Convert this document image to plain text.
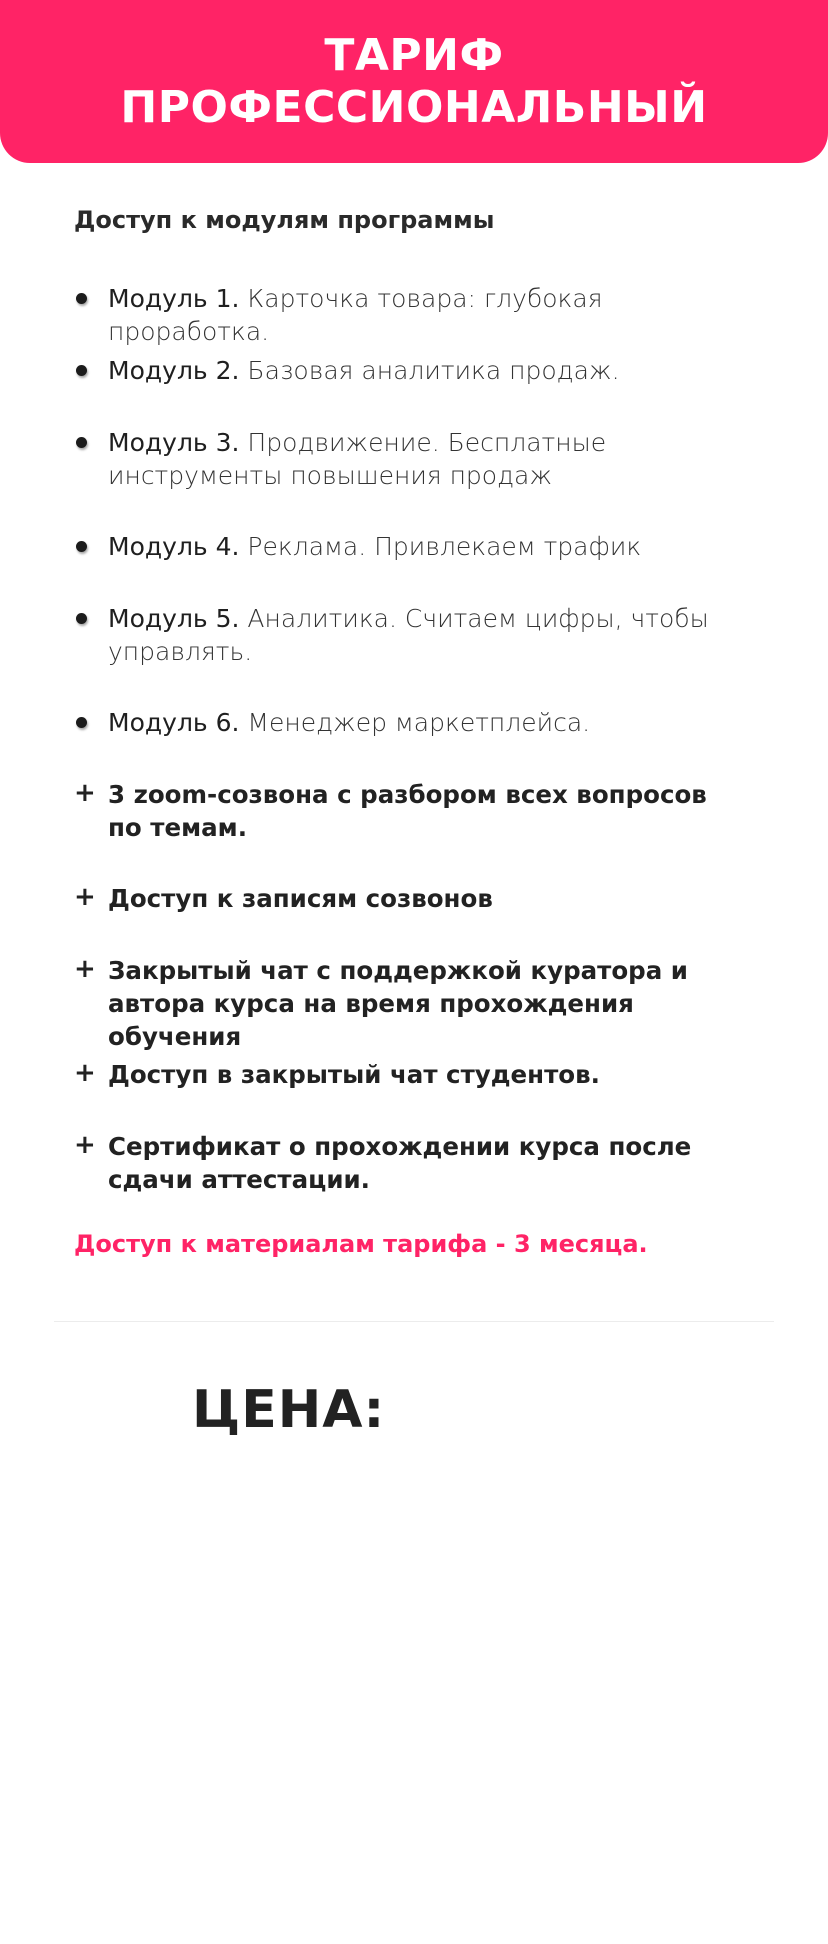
ТАРИФ
ПРОФЕССИОНАЛЬНЫЙ
Доступ к модулям программы
Модуль 1. Карточка товара: глубокая проработка.
Модуль 2. Базовая аналитика продаж.
Модуль 3. Продвижение. Бесплатные инструменты повышения продаж
Модуль 4. Реклама. Привлекаем трафик
Модуль 5. Аналитика. Считаем цифры, чтобы управлять.
Модуль 6. Менеджер маркетплейса.
+ 3 zoom-созвона с разбором всех вопросов по темам.
+ Доступ к записям созвонов
+ Закрытый чат с поддержкой куратора и автора курса на время прохождения обучения
+ Доступ в закрытый чат студентов.
+ Сертификат о прохождении курса после сдачи аттестации.
Доступ к материалам тарифа - 3 месяца.
ЦЕНА:
